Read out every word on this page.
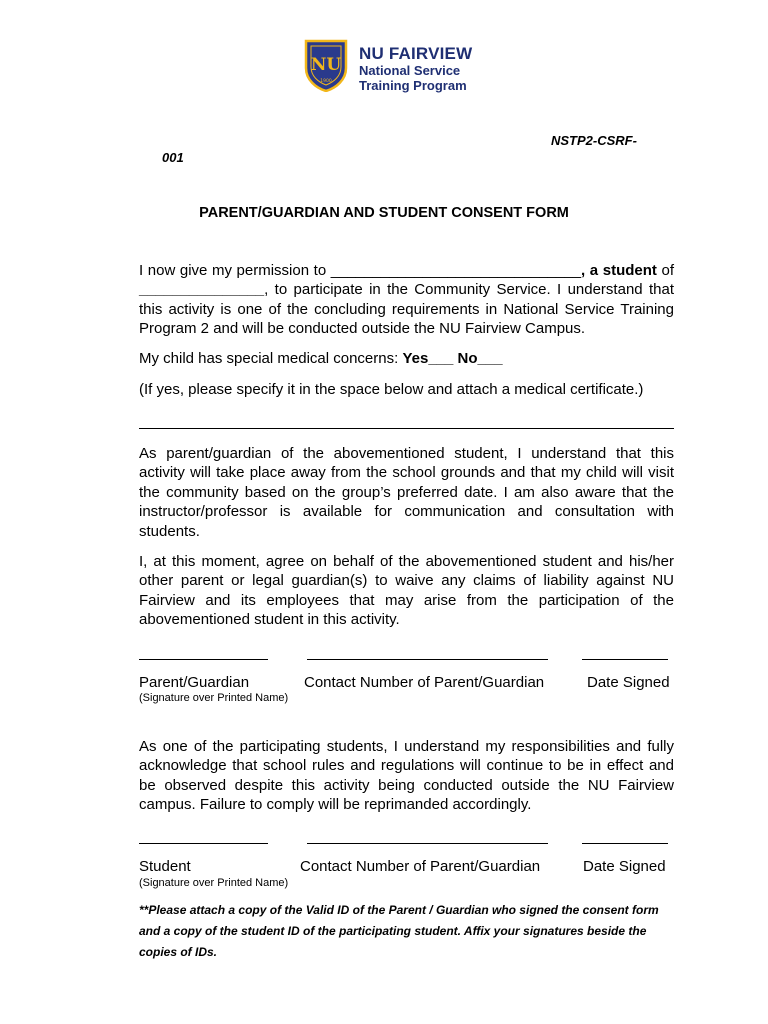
NU
1900
NU FAIRVIEW
National Service
Training Program
NSTP2-CSRF-
001
PARENT/GUARDIAN AND STUDENT CONSENT FORM
I now give my permission to ______________________________, a student of _______________, to participate in the Community Service. I understand that this activity is one of the concluding requirements in National Service Training Program 2 and will be conducted outside the NU Fairview Campus.
My child has special medical concerns: Yes___ No___
(If yes, please specify it in the space below and attach a medical certificate.)
As parent/guardian of the abovementioned student, I understand that this activity will take place away from the school grounds and that my child will visit the community based on the group’s preferred date. I am also aware that the instructor/professor is available for communication and consultation with students.
I, at this moment, agree on behalf of the abovementioned student and his/her other parent or legal guardian(s) to waive any claims of liability against NU Fairview and its employees that may arise from the participation of the abovementioned student in this activity.
Parent/Guardian
(Signature over Printed Name)
Contact Number of Parent/Guardian	Date Signed
As one of the participating students, I understand my responsibilities and fully acknowledge that school rules and regulations will continue to be in effect and be observed despite this activity being conducted outside the NU Fairview campus. Failure to comply will be reprimanded accordingly.
Student
(Signature over Printed Name)
Contact Number of Parent/Guardian	Date Signed
**Please attach a copy of the Valid ID of the Parent / Guardian who signed the consent form and a copy of the student ID of the participating student. Affix your signatures beside the copies of IDs.
